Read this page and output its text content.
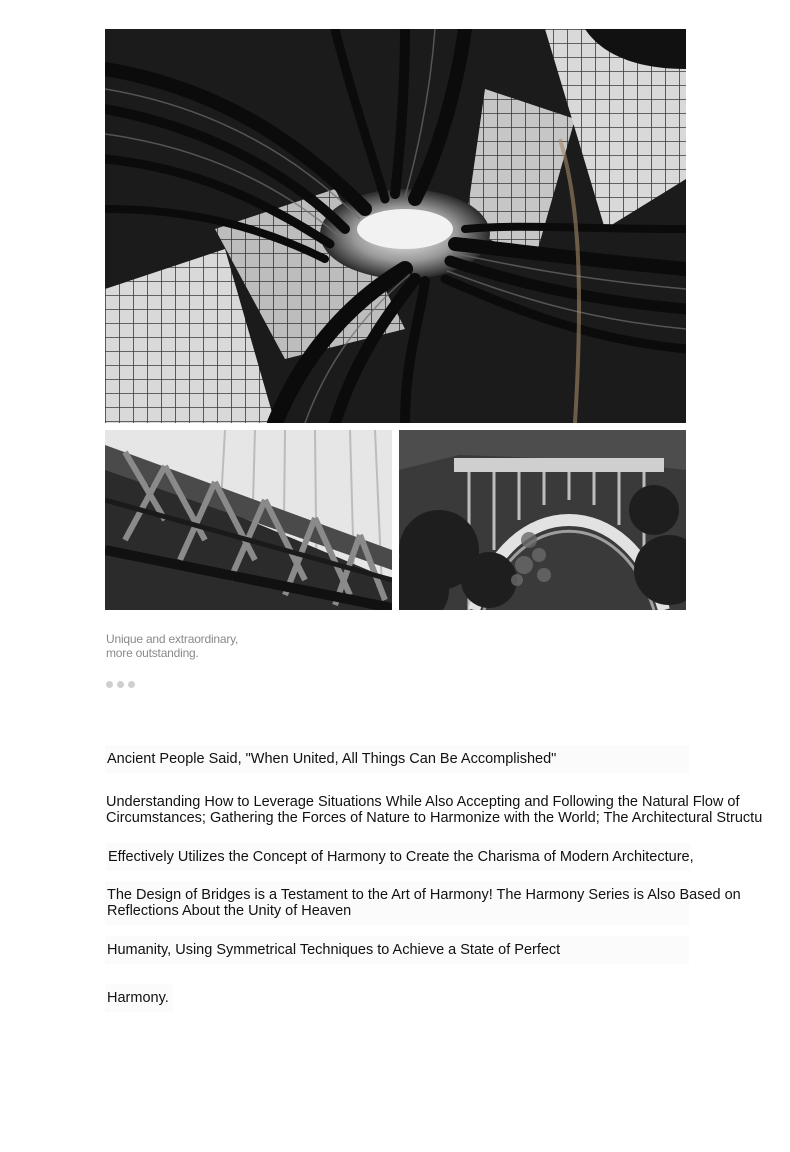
Unique and extraordinary,
more outstanding.
Ancient People Said, "When United, All Things Can Be Accomplished"
Understanding How to Leverage Situations While Also Accepting and Following the Natural Flow of
Circumstances; Gathering the Forces of Nature to Harmonize with the World; The Architectural Structu
Effectively Utilizes the Concept of Harmony to Create the Charisma of Modern Architecture,
The Design of Bridges is a Testament to the Art of Harmony! The Harmony Series is Also Based on
Reflections About the Unity of Heaven
Humanity, Using Symmetrical Techniques to Achieve a State of Perfect
Harmony.
